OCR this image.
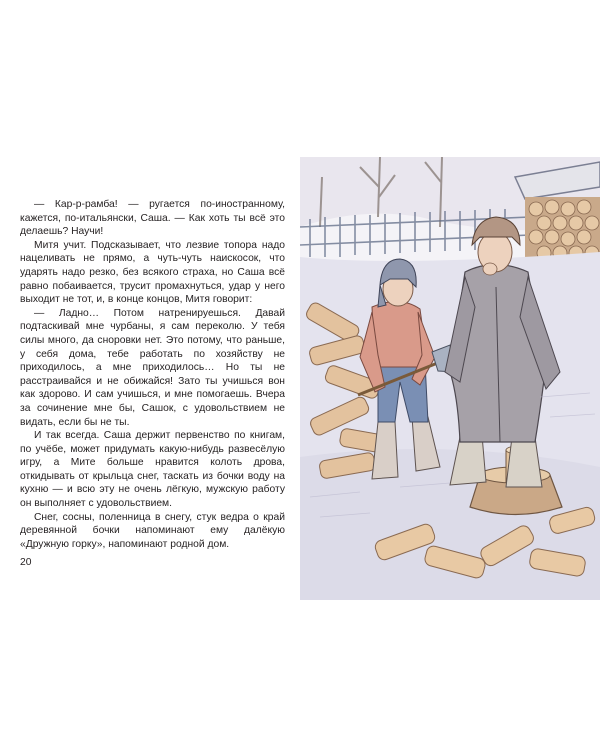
— Кар-р-рамба! — ругается по-иностранному, кажется, по-итальянски, Саша. — Как хоть ты всё это делаешь? Научи!

Митя учит. Подсказывает, что лезвие топора надо нацеливать не прямо, а чуть-чуть наискосок, что ударять надо резко, без всякого страха, но Саша всё равно побаивается, трусит промахнуться, удар у него выходит не тот, и, в конце концов, Митя говорит:

— Ладно… Потом натренируешься. Давай подтаскивай мне чурбаны, я сам переколю. У тебя силы много, да сноровки нет. Это потому, что раньше, у себя дома, тебе работать по хозяйству не приходилось, а мне приходилось… Но ты не расстраивайся и не обижайся! Зато ты учишься вон как здорово. И сам учишься, и мне помогаешь. Вчера за сочинение мне бы, Сашок, с удовольствием не видать, если бы не ты.

И так всегда. Саша держит первенство по книгам, по учёбе, может придумать какую-нибудь развесёлую игру, а Мите больше нравится колоть дрова, откидывать от крыльца снег, таскать из бочки воду на кухню — и всю эту не очень лёгкую, мужскую работу он выполняет с удовольствием.

Снег, сосны, поленница в снегу, стук ведра о край деревянной бочки напоминают ему далёкую «Дружную горку», напоминают родной дом.

20
